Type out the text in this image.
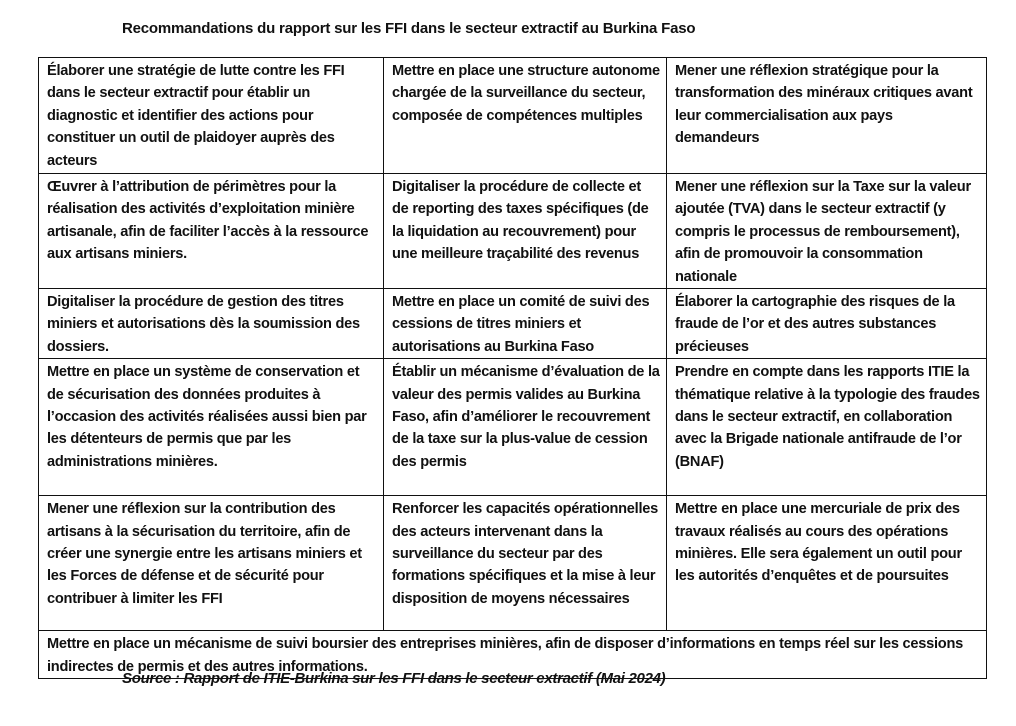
Recommandations du rapport sur les FFI dans le secteur extractif au Burkina Faso
Élaborer une stratégie de lutte contre les FFI dans le secteur extractif pour établir un diagnostic et identifier des actions pour constituer un outil de plaidoyer auprès des acteurs	Mettre en place une structure autonome chargée de la surveillance du secteur, composée de compétences multiples	Mener une réflexion stratégique pour la transformation des minéraux critiques avant leur commercialisation aux pays demandeurs
Œuvrer à l’attribution de périmètres pour la réalisation des activités d’exploitation minière artisanale, afin de faciliter l’accès à la ressource aux artisans miniers.	Digitaliser la procédure de collecte et de reporting des taxes spécifiques (de la liquidation au recouvrement) pour une meilleure traçabilité des revenus	Mener une réflexion sur la Taxe sur la valeur ajoutée (TVA) dans le secteur extractif (y compris le processus de remboursement), afin de promouvoir la consommation nationale
Digitaliser la procédure de gestion des titres miniers et autorisations dès la soumission des dossiers.	Mettre en place un comité de suivi des cessions de titres miniers et autorisations au Burkina Faso	Élaborer la cartographie des risques de la fraude de l’or et des autres substances précieuses
Mettre en place un système de conservation et de sécurisation des données produites à l’occasion des activités réalisées aussi bien par les détenteurs de permis que par les administrations minières.	Établir un mécanisme d’évaluation de la valeur des permis valides au Burkina Faso, afin d’améliorer le recouvrement de la taxe sur la plus-value de cession des permis	Prendre en compte dans les rapports ITIE la thématique relative à la typologie des fraudes dans le secteur extractif, en collaboration avec la Brigade nationale antifraude de l’or (BNAF)
Mener une réflexion sur la contribution des artisans à la sécurisation du territoire, afin de créer une synergie entre les artisans miniers et les Forces de défense et de sécurité pour contribuer à limiter les FFI	Renforcer les capacités opérationnelles des acteurs intervenant dans la surveillance du secteur par des formations spécifiques et la mise à leur disposition de moyens nécessaires	Mettre en place une mercuriale de prix des travaux réalisés au cours des opérations minières. Elle sera également un outil pour les autorités d’enquêtes et de poursuites
Mettre en place un mécanisme de suivi boursier des entreprises minières, afin de disposer d’informations en temps réel sur les cessions indirectes de permis et des autres informations.		
Source : Rapport de ITIE-Burkina sur les FFI dans le secteur extractif (Mai 2024)
